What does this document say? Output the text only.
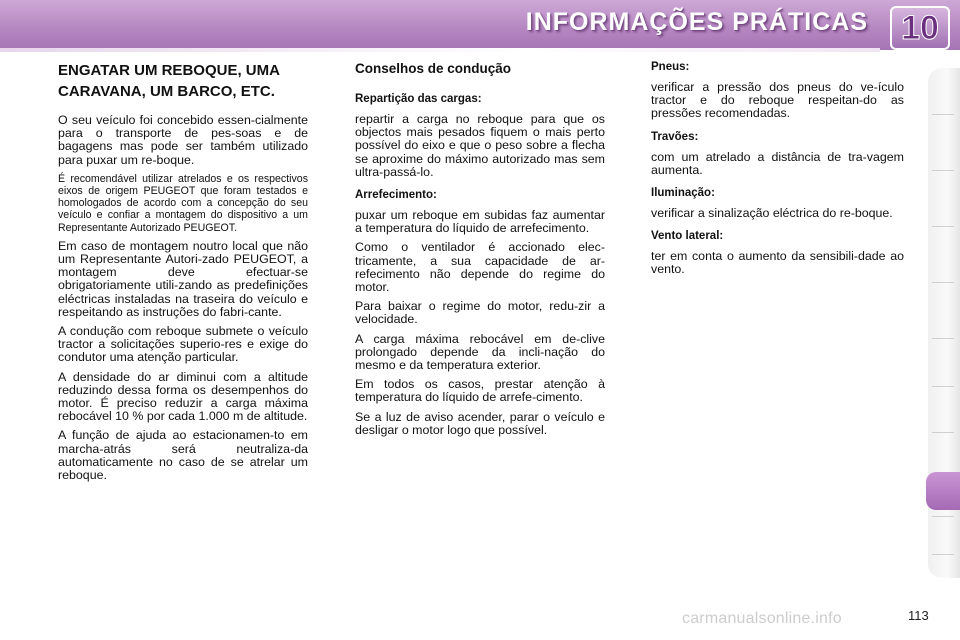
INFORMAÇÕES PRÁTICAS 10
ENGATAR UM REBOQUE, UMA CARAVANA, UM BARCO, ETC.

O seu veículo foi concebido essen-cialmente para o transporte de pes-soas e de bagagens mas pode ser também utilizado para puxar um re-boque.

É recomendável utilizar atrelados e os respectivos eixos de origem PEUGEOT que foram testados e homologados de acordo com a concepção do seu veículo e confiar a montagem do dispositivo a um Representante Autorizado PEUGEOT.

Em caso de montagem noutro local que não um Representante Autori-zado PEUGEOT, a montagem deve efectuar-se obrigatoriamente utili-zando as predefinições eléctricas instaladas na traseira do veículo e respeitando as instruções do fabri-cante.

A condução com reboque submete o veículo tractor a solicitações superio-res e exige do condutor uma atenção particular.

A densidade do ar diminui com a altitude reduzindo dessa forma os desempenhos do motor. É preciso reduzir a carga máxima rebocável 10 % por cada 1.000 m de altitude.

A função de ajuda ao estacionamen-to em marcha-atrás será neutraliza-da automaticamente no caso de se atrelar um reboque.

Conselhos de condução
Repartição das cargas:

repartir a carga no reboque para que os objectos mais pesados fiquem o mais perto possível do eixo e que o peso sobre a flecha se aproxime do máximo autorizado mas sem ultra-passá-lo.

Arrefecimento:

puxar um reboque em subidas faz aumentar a temperatura do líquido de arrefecimento.

Como o ventilador é accionado elec-tricamente, a sua capacidade de ar-refecimento não depende do regime do motor.

Para baixar o regime do motor, redu-zir a velocidade.

A carga máxima rebocável em de-clive prolongado depende da incli-nação do mesmo e da temperatura exterior.

Em todos os casos, prestar atenção à temperatura do líquido de arrefe-cimento.

Se a luz de aviso acender, parar o veículo e desligar o motor logo que possível.

Pneus:

verificar a pressão dos pneus do ve-ículo tractor e do reboque respeitan-do as pressões recomendadas.

Travões:

com um atrelado a distância de tra-vagem aumenta.

Iluminação:

verificar a sinalização eléctrica do re-boque.

Vento lateral:

ter em conta o aumento da sensibili-dade ao vento.

carmanualsonline.info	113
